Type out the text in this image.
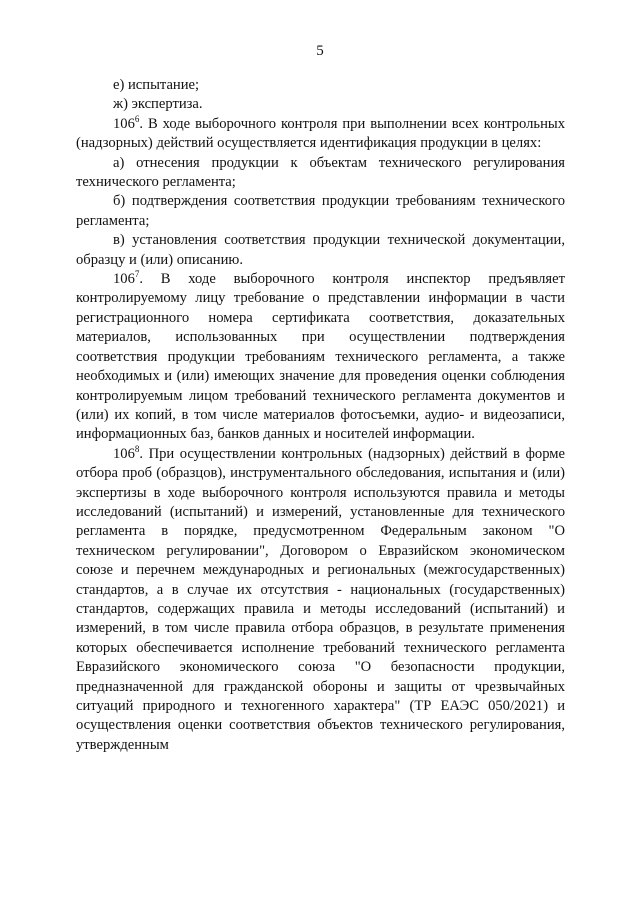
5

е) испытание;

ж) экспертиза.

$106^6$. В ходе выборочного контроля при выполнении всех контрольных (надзорных) действий осуществляется идентификация продукции в целях:

а) отнесения продукции к объектам технического регулирования технического регламента;

б) подтверждения соответствия продукции требованиям технического регламента;

в) установления соответствия продукции технической документации, образцу и (или) описанию.

$106^7$. В ходе выборочного контроля инспектор предъявляет контролируемому лицу требование о представлении информации в части регистрационного номера сертификата соответствия, доказательных материалов, использованных при осуществлении подтверждения соответствия продукции требованиям технического регламента, а также необходимых и (или) имеющих значение для проведения оценки соблюдения контролируемым лицом требований технического регламента документов и (или) их копий, в том числе материалов фотосъемки, аудио- и видеозаписи, информационных баз, банков данных и носителей информации.

$106^8$. При осуществлении контрольных (надзорных) действий в форме отбора проб (образцов), инструментального обследования, испытания и (или) экспертизы в ходе выборочного контроля используются правила и методы исследований (испытаний) и измерений, установленные для технического регламента в порядке, предусмотренном Федеральным законом "О техническом регулировании", Договором о Евразийском экономическом союзе и перечнем международных и региональных (межгосударственных) стандартов, а в случае их отсутствия - национальных (государственных) стандартов, содержащих правила и методы исследований (испытаний) и измерений, в том числе правила отбора образцов, в результате применения которых обеспечивается исполнение требований технического регламента Евразийского экономического союза "О безопасности продукции, предназначенной для гражданской обороны и защиты от чрезвычайных ситуаций природного и техногенного характера" (ТР ЕАЭС 050/2021) и осуществления оценки соответствия объектов технического регулирования, утвержденным
